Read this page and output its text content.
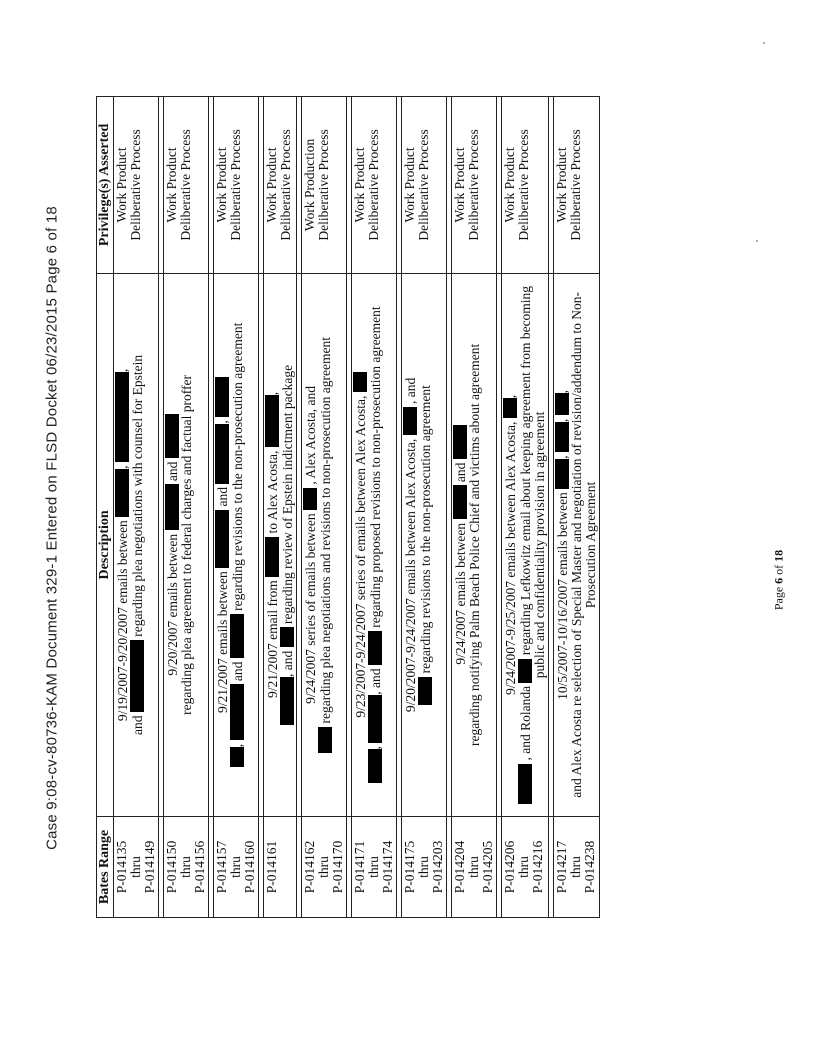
Case 9:08-cv-80736-KAM Document 329-1 Entered on FLSD Docket 06/23/2015 Page 6 of 18
Bates Range	Description	Privilege(s) Asserted

P-014135 thru P-014149	9/19/2007-9/20/2007 emails between , ,
and  regarding plea negotiations with counsel for Epstein	Work Product Deliberative Process

P-014150 thru P-014156	9/20/2007 emails between  and
regarding plea agreement to federal charges and factual proffer	Work Product Deliberative Process

P-014157 thru P-014160	9/21/2007 emails between  and ,
,  and  regarding revisions to the non-prosecution agreement	Work Product Deliberative Process

P-014161	9/21/2007 email from  to Alex Acosta, ,
, and  regarding review of Epstein indictment package	Work Product Deliberative Process

P-014162 thru P-014170	9/24/2007 series of emails between  , Alex Acosta, and
regarding plea negotiations and revisions to non-prosecution agreement	Work Production Deliberative Process

P-014171 thru P-014174	9/23/2007-9/24/2007 series of emails between Alex Acosta,
, , and  regarding proposed revisions to non-prosecution agreement	Work Product Deliberative Process

P-014175 thru P-014203	9/20/2007-9/24/2007 emails between Alex Acosta,  , and
regarding revisions to the non-prosecution agreement	Work Product Deliberative Process

P-014204 thru P-014205	9/24/2007 emails between  and
regarding notifying Palm Beach Police Chief and victims about agreement	Work Product Deliberative Process

P-014206 thru P-014216	9/24/2007-9/25/2007 emails between Alex Acosta, ,
, and Rolanda  regarding Lefkowitz email about keeping agreement from becoming public and confidentiality provision in agreement	Work Product Deliberative Process

P-014217 thru P-014238	10/5/2007-10/16/2007 emails between , , ,
and Alex Acosta re selection of Special Master and negotiation of revision/addendum to Non-Prosecution Agreement	Work Product Deliberative Process
Page 6 of 18
